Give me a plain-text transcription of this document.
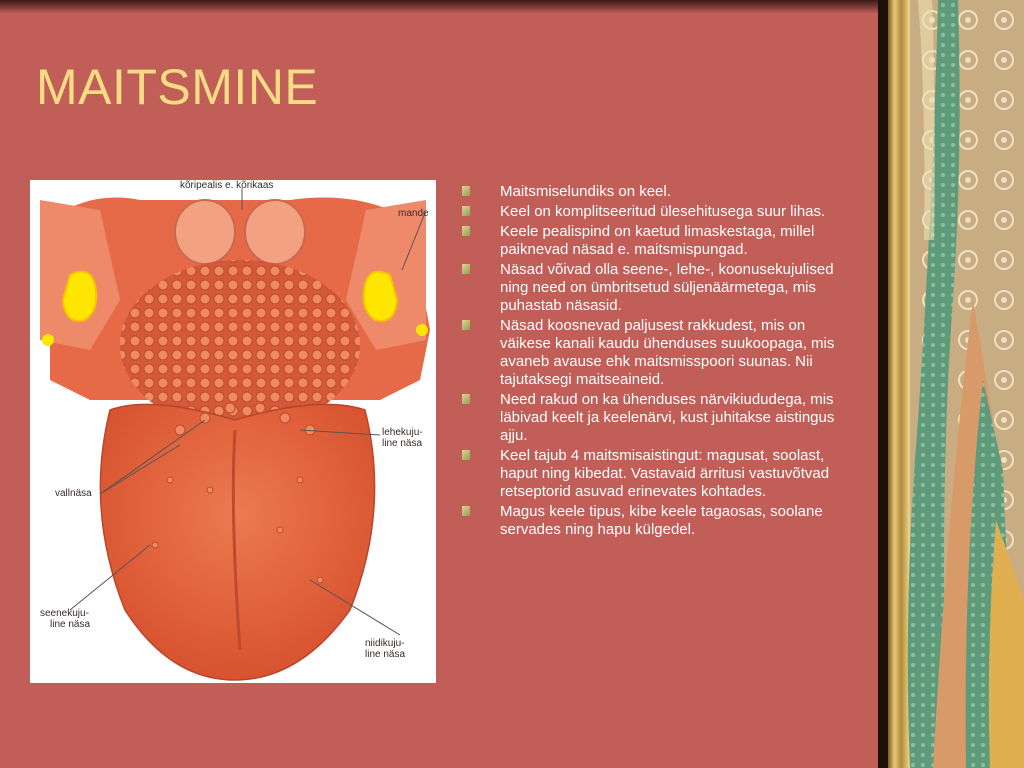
MAITSMINE
kõripealis e. kõrikaas
mande
lehekuju-
line näsa
vallnäsa
seenekuju-
line näsa
niidikuju-
line näsa
Maitsmiselundiks on keel.
Keel on komplitseeritud ülesehitusega suur lihas.
Keele pealispind on kaetud limaskestaga, millel paiknevad näsad e. maitsmispungad.
Näsad võivad olla seene-, lehe-, koonusekujulised ning need on ümbritsetud süljenäärmetega, mis puhastab näsasid.
Näsad koosnevad paljusest rakkudest, mis on väikese kanali kaudu ühenduses suukoopaga, mis avaneb avause ehk maitsmisspoori suunas. Nii tajutaksegi maitseaineid.
Need rakud on ka ühenduses närvikiududega, mis läbivad keelt ja keelenärvi, kust juhitakse aistingus ajju.
Keel tajub 4 maitsmisaistingut: magusat, soolast, haput ning kibedat. Vastavaid ärritusi vastuvõtvad retseptorid asuvad erinevates kohtades.
Magus keele tipus, kibe keele tagaosas, soolane servades ning hapu külgedel.
